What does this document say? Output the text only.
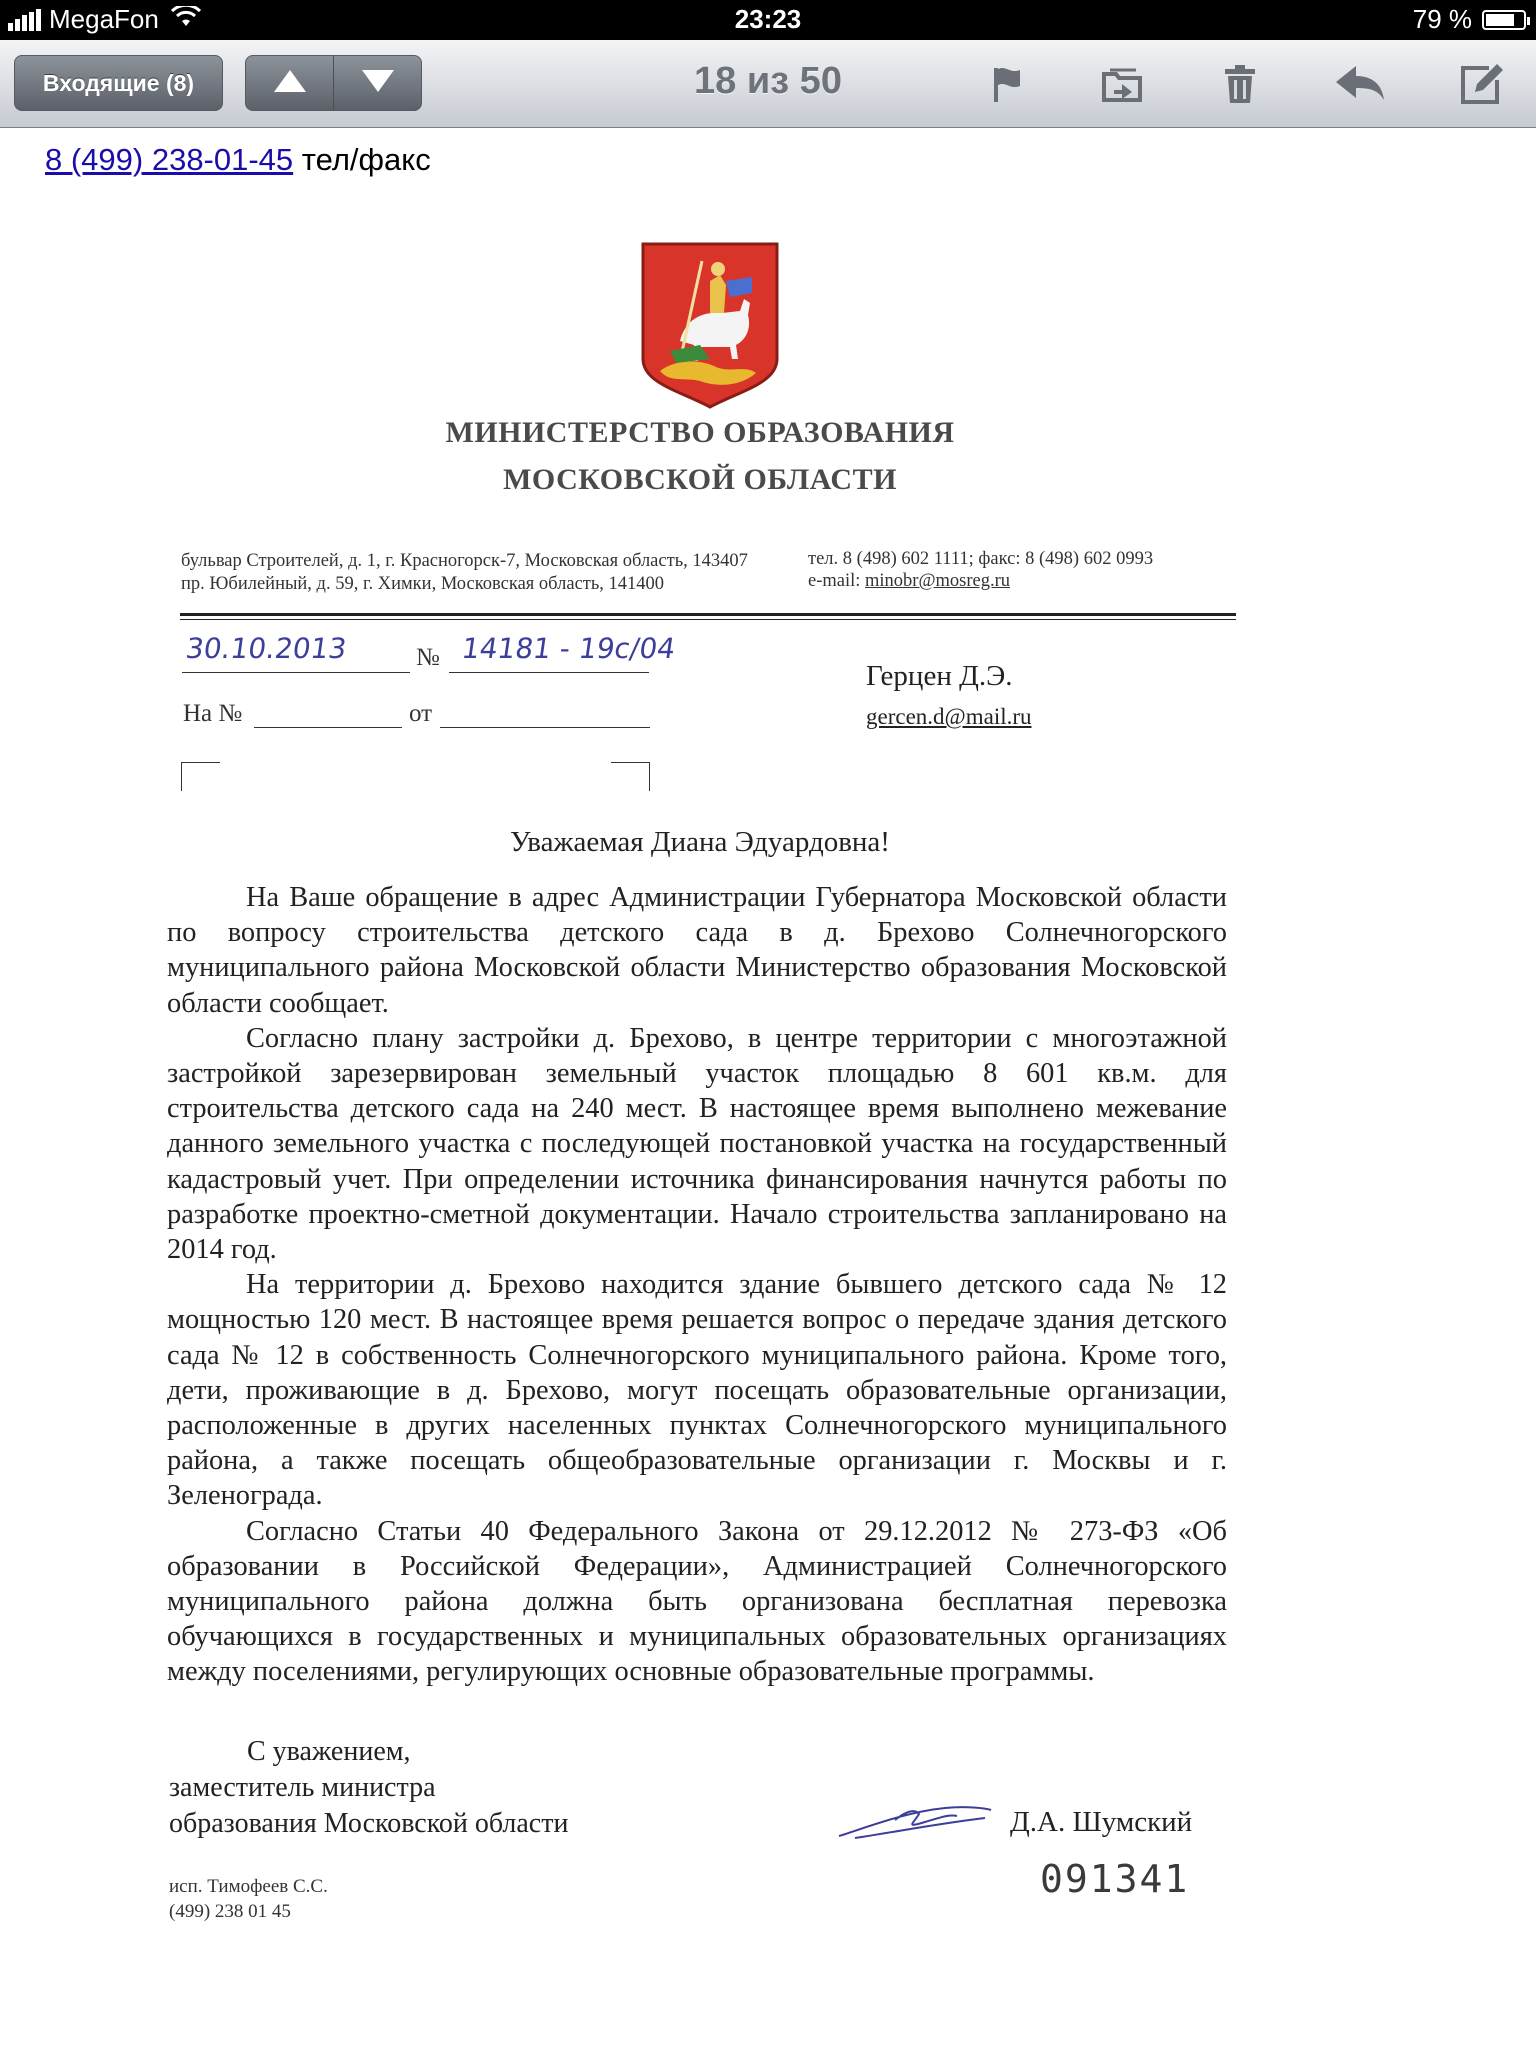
MegaFon	23:23	79 %
Входящие (8)	18 из 50
8 (499) 238-01-45 тел/факс
МИНИСТЕРСТВО ОБРАЗОВАНИЯ
МОСКОВСКОЙ ОБЛАСТИ
бульвар Строителей, д. 1, г. Красногорск-7, Московская область, 143407
пр. Юбилейный, д. 59, г. Химки, Московская область, 141400
тел. 8 (498) 602 1111; факс: 8 (498) 602 0993
e-mail: minobr@mosreg.ru
30.10.2013	№ 14181 - 19с/04
На №	от
Герцен Д.Э.
gercen.d@mail.ru
Уважаемая Диана Эдуардовна!

На Ваше обращение в адрес Администрации Губернатора Московской области по вопросу строительства детского сада в д. Брехово Солнечногорского муниципального района Московской области Министерство образования Московской области сообщает.

Согласно плану застройки д. Брехово, в центре территории с многоэтажной застройкой зарезервирован земельный участок площадью 8 601 кв.м. для строительства детского сада на 240 мест. В настоящее время выполнено межевание данного земельного участка с последующей постановкой участка на государственный кадастровый учет. При определении источника финансирования начнутся работы по разработке проектно-сметной документации. Начало строительства запланировано на 2014 год.

На территории д. Брехово находится здание бывшего детского сада № 12 мощностью 120 мест. В настоящее время решается вопрос о передаче здания детского сада № 12 в собственность Солнечногорского муниципального района. Кроме того, дети, проживающие в д. Брехово, могут посещать образовательные организации, расположенные в других населенных пунктах Солнечногорского муниципального района, а также посещать общеобразовательные организации г. Москвы и г. Зеленограда.

Согласно Статьи 40 Федерального Закона от 29.12.2012 № 273-ФЗ «Об образовании в Российской Федерации», Администрацией Солнечногорского муниципального района должна быть организована бесплатная перевозка обучающихся в государственных и муниципальных образовательных организациях между поселениями, регулирующих основные образовательные программы.

С уважением,
заместитель министра
образования Московской области	Д.А. Шумский
091341
исп. Тимофеев С.С.
(499) 238 01 45
